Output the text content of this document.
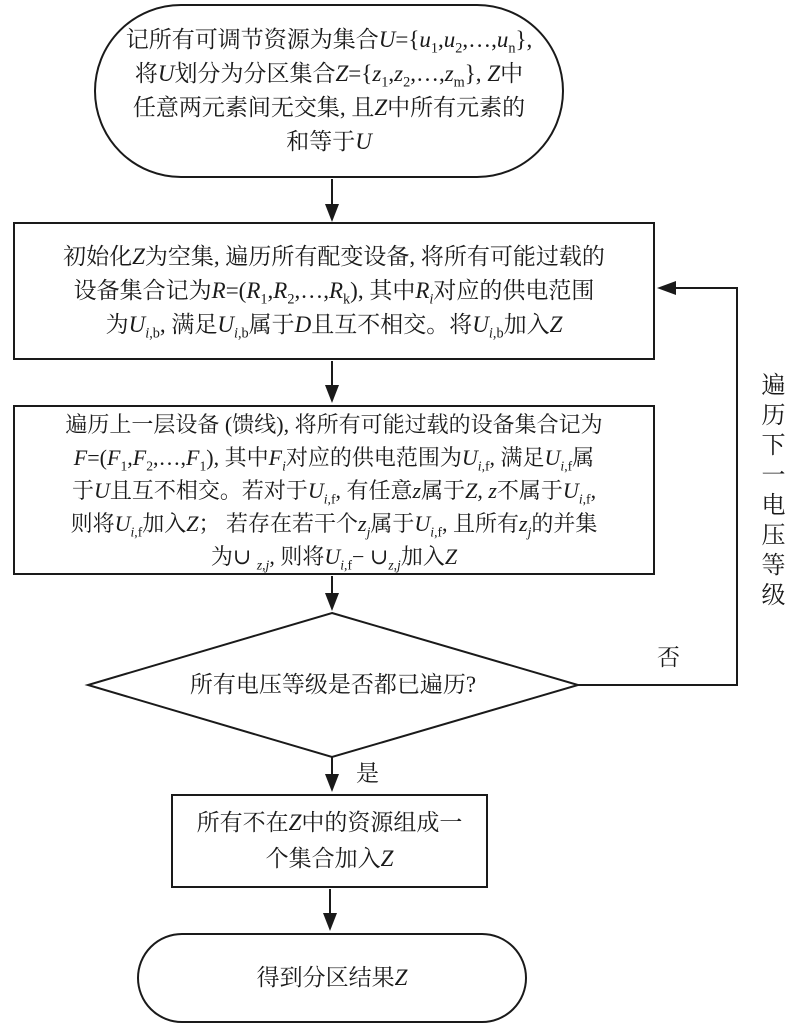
记所有可调节资源为集合$U=\{u_1,u_2,\dots,u_n\}$,
将U划分为分区集合$Z=\{z_1,z_2,\dots,z_m\}$, Z中
任意两元素间无交集, 且Z中所有元素的
和等于U
初始化Z为空集, 遍历所有配变设备, 将所有可能过载的
设备集合记为$R=(R_1,R_2,\dots,R_k)$, 其中$R_i$对应的供电范围
为$U_{i,b}$, 满足$U_{i,b}$属于D且互不相交。将$U_{i,b}$加入Z
遍历上一层设备 (馈线), 将所有可能过载的设备集合记为
$F=(F_1,F_2,\dots,F_1)$, 其中$F_i$对应的供电范围为$U_{i,f}$, 满足$U_{i,f}$属
于U且互不相交。若对于$U_{i,f}$, 有任意z属于Z, z不属于$U_{i,f}$,
则将$U_{i,f}$加入Z； 若存在若干个$z_j$属于$U_{i,f}$, 且所有$z_j$的并集
为∪ $_{z,j}$, 则将$U_{i,f}-$ $\cup_{z,j}$加入Z
所有电压等级是否都已遍历?
所有不在Z中的资源组成一
个集合加入Z
得到分区结果Z
是
否
遍历下一电压等级
